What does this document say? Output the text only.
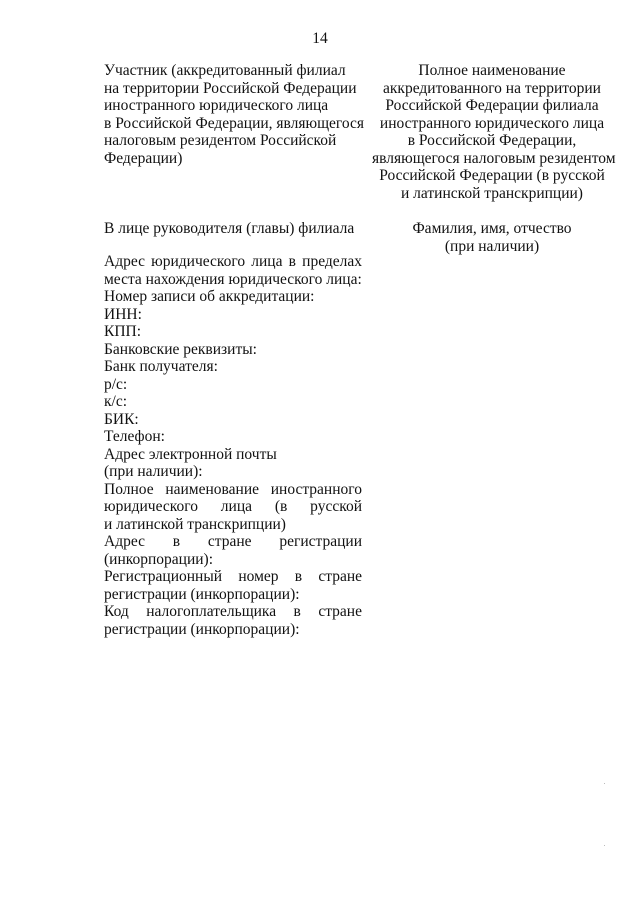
14
Участник (аккредитованный филиал
на территории Российской Федерации
иностранного юридического лица
в Российской Федерации, являющегося
налоговым резидентом Российской
Федерации)
Полное наименование
аккредитованного на территории
Российской Федерации филиала
иностранного юридического лица
в Российской Федерации,
являющегося налоговым резидентом
Российской Федерации (в русской
и латинской транскрипции)
В лице руководителя (главы) филиала	Фамилия, имя, отчество
(при наличии)
Адрес юридического лица в пределах
места нахождения юридического лица:
Номер записи об аккредитации:
ИНН:
КПП:
Банковские реквизиты:
Банк получателя:
р/с:
к/с:
БИК:
Телефон:
Адрес электронной почты
(при наличии):
Полное наименование иностранного
юридического лица (в русской
и латинской транскрипции)
Адрес в стране регистрации
(инкорпорации):
Регистрационный номер в стране
регистрации (инкорпорации):
Код налогоплательщика в стране
регистрации (инкорпорации):
